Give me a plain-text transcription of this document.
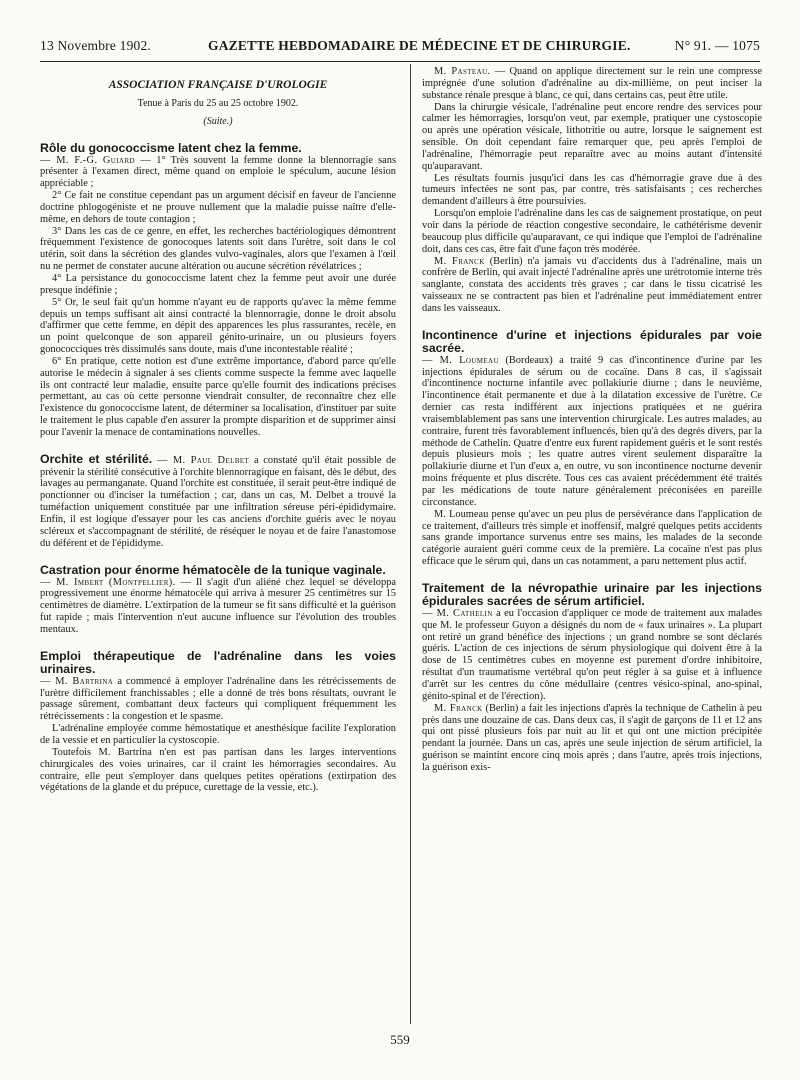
13 Novembre 1902.	GAZETTE HEBDOMADAIRE DE MÉDECINE ET DE CHIRURGIE.	N° 91. — 1075
ASSOCIATION FRANÇAISE D'UROLOGIE
Tenue à Paris du 25 au 25 octobre 1902.
(Suite.)
Rôle du gonococcisme latent chez la femme.

— M. F.-G. Guiard — 1° Très souvent la femme donne la blennorragie sans présenter à l'examen direct, même quand on emploie le spéculum, aucune lésion appréciable ;

2° Ce fait ne constitue cependant pas un argument décisif en faveur de l'ancienne doctrine phlogogéniste et ne prouve nullement que la maladie puisse naître d'elle-même, en dehors de toute contagion ;

3° Dans les cas de ce genre, en effet, les recherches bactériologiques démontrent fréquemment l'existence de gonocoques latents soit dans l'urètre, soit dans le col utérin, soit dans la sécrétion des glandes vulvo-vaginales, alors que l'examen à l'œil nu ne permet de constater aucune altération ou aucune sécrétion révélatrices ;

4° La persistance du gonococcisme latent chez la femme peut avoir une durée presque indéfinie ;

5° Or, le seul fait qu'un homme n'ayant eu de rapports qu'avec la même femme depuis un temps suffisant ait ainsi contracté la blennorragie, donne le droit absolu d'affirmer que cette femme, en dépit des apparences les plus rassurantes, recèle, en un point quelconque de son appareil génito-urinaire, un ou plusieurs foyers gonococciques très dissimulés sans doute, mais d'une incontestable réalité ;

6° En pratique, cette notion est d'une extrême importance, d'abord parce qu'elle autorise le médecin à signaler à ses clients comme suspecte la femme avec laquelle ils ont contracté leur maladie, ensuite parce qu'elle fournit des indications précises permettant, au cas où cette personne viendrait consulter, de reconnaître chez elle l'existence du gonococcisme latent, de déterminer sa localisation, d'instituer par suite le traitement le plus capable d'en assurer la prompte disparition et de supprimer ainsi pour l'avenir la menace de contaminations nouvelles.

Orchite et stérilité. — M. Paul Delbet a constaté qu'il était possible de prévenir la stérilité consécutive à l'orchite blennorragique en faisant, dès le début, des lavages au permanganate. Quand l'orchite est constituée, il serait peut-être indiqué de ponctionner ou d'inciser la tuméfaction ; car, dans un cas, M. Delbet a trouvé la tuméfaction uniquement constituée par une infiltration séreuse péri-épididymaire. Enfin, il est logique d'essayer pour les cas anciens d'orchite guéris avec le noyau scléreux et s'accompagnant de stérilité, de réséquer le noyau et de faire l'anastomose du déférent et de l'épididyme.

Castration pour énorme hématocèle de la tunique vaginale.

— M. Imbert (Montpellier). — Il s'agit d'un aliéné chez lequel se développa progressivement une énorme hématocèle qui arriva à mesurer 25 centimètres sur 15 centimètres de diamètre. L'extirpation de la tumeur se fit sans difficulté et la guérison fut rapide ; mais l'intervention n'eut aucune influence sur l'évolution des troubles mentaux.

Emploi thérapeutique de l'adrénaline dans les voies urinaires.

— M. Bartrina a commencé à employer l'adrénaline dans les rétrécissements de l'urètre difficilement franchissables ; elle a donné de très bons résultats, ouvrant le passage sûrement, combattant deux facteurs qui compliquent fréquemment les rétrécissements : la congestion et le spasme.

L'adrénaline employée comme hémostatique et anesthésique facilite l'exploration de la vessie et en particulier la cystoscopie.

Toutefois M. Bartrina n'en est pas partisan dans les larges interventions chirurgicales des voies urinaires, car il craint les hémorragies secondaires. Au contraire, elle peut s'employer dans quelques petites opérations (extirpation des végétations de la glande et du prépuce, curettage de la vessie, etc.).

M. Pasteau. — Quand on applique directement sur le rein une compresse imprégnée d'une solution d'adrénaline au dix-millième, on peut inciser la substance rénale presque à blanc, ce qui, dans certains cas, peut être utile.

Dans la chirurgie vésicale, l'adrénaline peut encore rendre des services pour calmer les hémorragies, lorsqu'on veut, par exemple, pratiquer une cystoscopie ou après une opération vésicale, lithotritie ou autre, lorsque le saignement est sensible. On doit cependant faire remarquer que, peu après l'emploi de l'adrénaline, l'hémorragie peut reparaître avec au moins autant d'intensité qu'auparavant.

Les résultats fournis jusqu'ici dans les cas d'hémorragie grave due à des tumeurs infectées ne sont pas, par contre, très satisfaisants ; ces recherches demandent d'ailleurs à être poursuivies.

Lorsqu'on emploie l'adrénaline dans les cas de saignement prostatique, on peut voir dans la période de réaction congestive secondaire, le cathétérisme devenir beaucoup plus difficile qu'auparavant, ce qui indique que l'emploi de l'adrénaline doit, dans ces cas, être fait d'une façon très modérée.

M. Franck (Berlin) n'a jamais vu d'accidents dus à l'adrénaline, mais un confrère de Berlin, qui avait injecté l'adrénaline après une urétrotomie interne très sanglante, constata des accidents très graves ; car dans le tissu cicatrisé les vaisseaux ne se contractent pas bien et l'adrénaline peut immédiatement entrer dans les vaisseaux.

Incontinence d'urine et injections épidurales par voie sacrée.

— M. Loumeau (Bordeaux) a traité 9 cas d'incontinence d'urine par les injections épidurales de sérum ou de cocaïne. Dans 8 cas, il s'agissait d'incontinence nocturne infantile avec pollakiurie diurne ; dans le neuvième, l'incontinence était permanente et due à la dilatation excessive de l'urètre. Ce dernier cas resta indifférent aux injections pratiquées et ne guérira vraisemblablement pas sans une intervention chirurgicale. Les autres malades, au contraire, furent très favorablement influencés, bien qu'à des degrés divers, par la méthode de Cathelin. Quatre d'entre eux furent rapidement guéris et le sont restés depuis plusieurs mois ; les quatre autres virent seulement disparaître la pollakiurie diurne et l'un d'eux a, en outre, vu son incontinence nocturne devenir moins fréquente et plus discrète. Tous ces cas avaient précédemment été traités par les médications de toute nature généralement préconisées en pareille circonstance.

M. Loumeau pense qu'avec un peu plus de persévérance dans l'application de ce traitement, d'ailleurs très simple et inoffensif, malgré quelques petits accidents sans grande importance survenus entre ses mains, les malades de la seconde catégorie auraient guéri comme ceux de la première. La cocaïne n'est pas plus efficace que le sérum qui, dans un cas notamment, a paru nettement plus actif.

Traitement de la névropathie urinaire par les injections épidurales sacrées de sérum artificiel.

— M. Cathelin a eu l'occasion d'appliquer ce mode de traitement aux malades que M. le professeur Guyon a désignés du nom de « faux urinaires ». La plupart ont retiré un grand bénéfice des injections ; un grand nombre se sont déclarés guéris. L'action de ces injections de sérum physiologique qui doivent être à la dose de 15 centimètres cubes en moyenne est purement d'ordre inhibitoire, résultat d'un traumatisme vertébral qu'on peut régler à sa guise et à influence d'arrêt sur les centres du cône médullaire (centres vésico-spinal, ano-spinal, génito-spinal et de l'érection).

M. Franck (Berlin) a fait les injections d'après la technique de Cathelin à peu près dans une douzaine de cas. Dans deux cas, il s'agit de garçons de 11 et 12 ans qui ont pissé plusieurs fois par nuit au lit et qui ont une miction précipitée pendant la journée. Dans un cas, après une seule injection de sérum artificiel, la guérison se maintint encore cinq mois après ; dans l'autre, après trois injections, la guérison exis-

559
